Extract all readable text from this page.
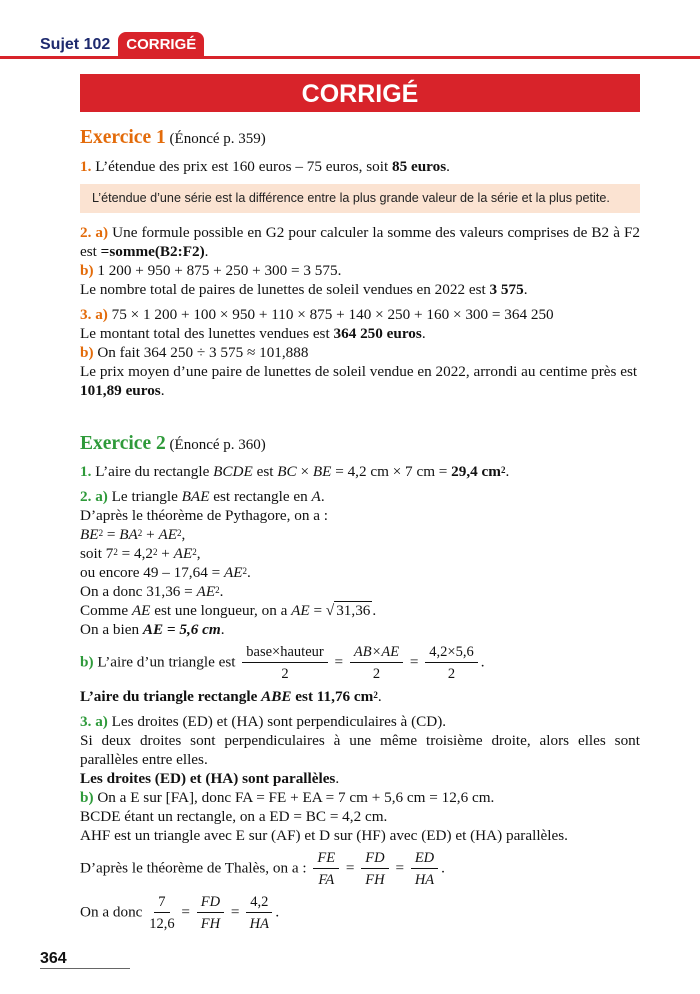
Sujet 102	CORRIGÉ
CORRIGÉ

Exercice 1 (Énoncé p. 359)

1. L’étendue des prix est 160 euros – 75 euros, soit 85 euros.

L’étendue d’une série est la différence entre la plus grande valeur de la série et la plus petite.

2. a) Une formule possible en G2 pour calculer la somme des valeurs comprises de B2 à F2 est =somme(B2:F2).

b) 1 200 + 950 + 875 + 250 + 300 = 3 575.

Le nombre total de paires de lunettes de soleil vendues en 2022 est 3 575.

3. a) 75 × 1 200 + 100 × 950 + 110 × 875 + 140 × 250 + 160 × 300 = 364 250

Le montant total des lunettes vendues est 364 250 euros.

b) On fait 364 250 ÷ 3 575 ≈ 101,888

Le prix moyen d’une paire de lunettes de soleil vendue en 2022, arrondi au centime près est 101,89 euros.

Exercice 2 (Énoncé p. 360)

1. L’aire du rectangle BCDE est BC × BE = 4,2 cm × 7 cm = 29,4 $cm^2$.

2. a) Le triangle BAE est rectangle en A.

D’après le théorème de Pythagore, on a :

$BE^2 = BA^2 + AE^2$,

soit $7^2 = 4,2^2 + AE^2$,

ou encore $49 - 17,64 = AE^2$.

On a donc $31,36 = AE^2$.

Comme AE est une longueur, on a AE = √ 31,36 .

On a bien AE = 5,6 cm.

b) L’aire d’un triangle est $\frac{\text{base×hauteur}}{2} = \frac{AB\times AE}{2} = \frac{4,2\times 5,6}{2}$ .

L’aire du triangle rectangle ABE est 11,76 $cm^2$.

3. a) Les droites (ED) et (HA) sont perpendiculaires à (CD).

Si deux droites sont perpendiculaires à une même troisième droite, alors elles sont parallèles entre elles.

Les droites (ED) et (HA) sont parallèles.

b) On a E sur [FA], donc FA = FE + EA = 7 cm + 5,6 cm = 12,6 cm.

BCDE étant un rectangle, on a ED = BC = 4,2 cm.

AHF est un triangle avec E sur (AF) et D sur (HF) avec (ED) et (HA) parallèles.

D’après le théorème de Thalès, on a : $\frac{FE}{FA} = \frac{FD}{FH} = \frac{ED}{HA}$ .

On a donc $\frac{7}{12,6} = \frac{FD}{FH} = \frac{4,2}{HA}$ .

364
